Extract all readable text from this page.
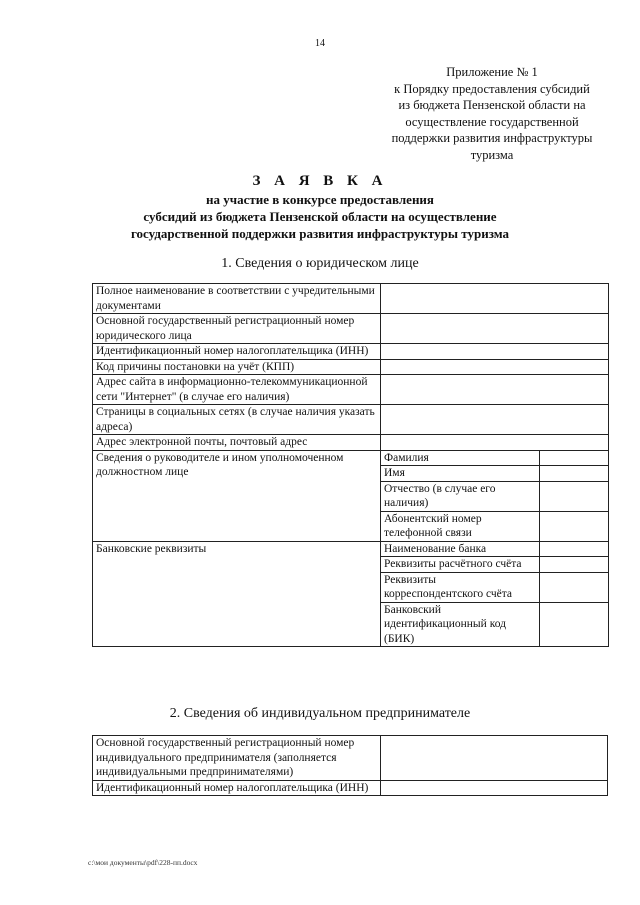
14
Приложение № 1
к Порядку предоставления субсидий
из бюджета Пензенской области на
осуществление государственной
поддержки развития инфраструктуры
туризма
З А Я В К А
на участие в конкурсе предоставления
субсидий из бюджета Пензенской области на осуществление
государственной поддержки развития инфраструктуры туризма
1. Сведения о юридическом лице
Полное наименование в соответствии с учредительными документами		
Основной государственный регистрационный номер юридического лица		
Идентификационный номер налогоплательщика (ИНН)		
Код причины постановки на учёт (КПП)		
Адрес сайта в информационно-телекоммуникационной сети "Интернет" (в случае его наличия)		
Страницы в социальных сетях (в случае наличия указать адреса)		
Адрес электронной почты, почтовый адрес		
Сведения о руководителе и ином уполномоченном должностном лице	Фамилия	
	Имя	
	Отчество (в случае его наличия)	
	Абонентский номер телефонной связи	
Банковские реквизиты	Наименование банка	
	Реквизиты расчётного счёта	
	Реквизиты корреспондентского счёта	
	Банковский идентификационный код (БИК)	
2. Сведения об индивидуальном предпринимателе
Основной государственный регистрационный номер индивидуального предпринимателя (заполняется индивидуальными предпринимателями)	
Идентификационный номер налогоплательщика (ИНН)	
c:\мои документы\pdf\228-пп.docx
